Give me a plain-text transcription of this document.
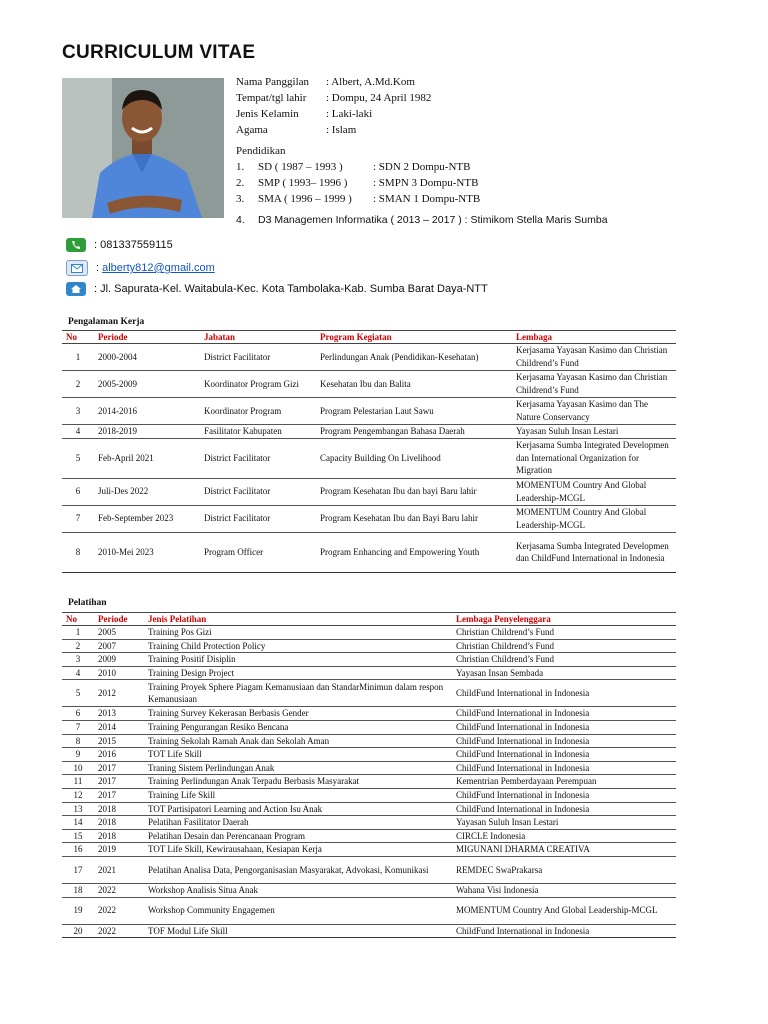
CURRICULUM VITAE
Nama Panggilan : Albert, A.Md.Kom
Tempat/tgl lahir : Dompu, 24 April 1982
Jenis Kelamin : Laki-laki
Agama	: Islam
Pendidikan
1. SD ( 1987 – 1993 )	: SDN 2 Dompu-NTB
2. SMP ( 1993– 1996 ) : SMPN 3 Dompu-NTB
3. SMA ( 1996 – 1999 ) : SMAN 1 Dompu-NTB
4. D3 Managemen Informatika ( 2013 – 2017 ) : Stimikom Stella Maris Sumba
: 081337559115
: alberty812@gmail.com
: Jl. Sapurata-Kel. Waitabula-Kec. Kota Tambolaka-Kab. Sumba Barat Daya-NTT
Pengalaman Kerja
No	Periode	Jabatan	Program Kegiatan	Lembaga
1	2000-2004	District Facilitator	Perlindungan Anak (Pendidikan-Kesehatan)	Kerjasama Yayasan Kasimo dan Christian Childrend’s Fund
2	2005-2009	Koordinator Program Gizi	Kesehatan Ibu dan Balita	Kerjasama Yayasan Kasimo dan Christian Childrend’s Fund
3	2014-2016	Koordinator Program	Program Pelestarian Laut Sawu	Kerjasama Yayasan Kasimo dan The Nature Conservancy
4	2018-2019	Fasilitator Kabupaten	Program Pengembangan Bahasa Daerah	Yayasan Suluh Insan Lestari
5	Feb-April 2021	District Facilitator	Capacity Building On Livelihood	Kerjasama Sumba Integrated Developmen dan International Organization for Migration
6	Juli-Des 2022	District Facilitator	Program Kesehatan Ibu dan bayi Baru lahir	MOMENTUM Country And Global Leadership-MCGL
7	Feb-September 2023	District Facilitator	Program Kesehatan Ibu dan Bayi Baru lahir	MOMENTUM Country And Global Leadership-MCGL
8	2010-Mei 2023	Program Officer	Program Enhancing and Empowering Youth	Kerjasama Sumba Integrated Developmen dan ChildFund International in Indonesia
Pelatihan
No	Periode	Jenis Pelatihan	Lembaga Penyelenggara
1	2005	Training Pos Gizi	Christian Childrend’s Fund
2	2007	Training Child Protection Policy	Christian Childrend’s Fund
3	2009	Training Positif Disiplin	Christian Childrend’s Fund
4	2010	Training Design Project	Yayasan Insan Sembada
5	2012	Training Proyek Sphere Piagam Kemanusiaan dan StandarMinimun dalam respon Kemanusiaan	ChildFund International in Indonesia
6	2013	Training Survey Kekerasan Berbasis Gender	ChildFund International in Indonesia
7	2014	Training Pengurangan Resiko Bencana	ChildFund International in Indonesia
8	2015	Training Sekolah Ramah Anak dan Sekolah Aman	ChildFund International in Indonesia
9	2016	TOT Life Skill	ChildFund International in Indonesia
10	2017	Traning Sistem Perlindungan Anak	ChildFund International in Indonesia
11	2017	Training Perlindungan Anak Terpadu Berbasis Masyarakat	Kementrian Pemberdayaan Perempuan
12	2017	Training Life Skill	ChildFund International in Indonesia
13	2018	TOT Partisipatori Learning and Action Isu Anak	ChildFund International in Indonesia
14	2018	Pelatihan Fasilitator Daerah	Yayasan Suluh Insan Lestari
15	2018	Pelatihan Desain dan Perencanaan Program	CIRCLE Indonesia
16	2019	TOT Life Skill, Kewirausahaan, Kesiapan Kerja	MIGUNANI DHARMA CREATIVA
17	2021	Pelatihan Analisa Data, Pengorganisasian Masyarakat, Advokasi, Komunikasi	REMDEC SwaPrakarsa
18	2022	Workshop Analisis Situa Anak	Wahana Visi Indonesia
19	2022	Workshop Community Engagemen	MOMENTUM Country And Global Leadership-MCGL
20	2022	TOF Modul Life Skill	ChildFund International in Indonesia
